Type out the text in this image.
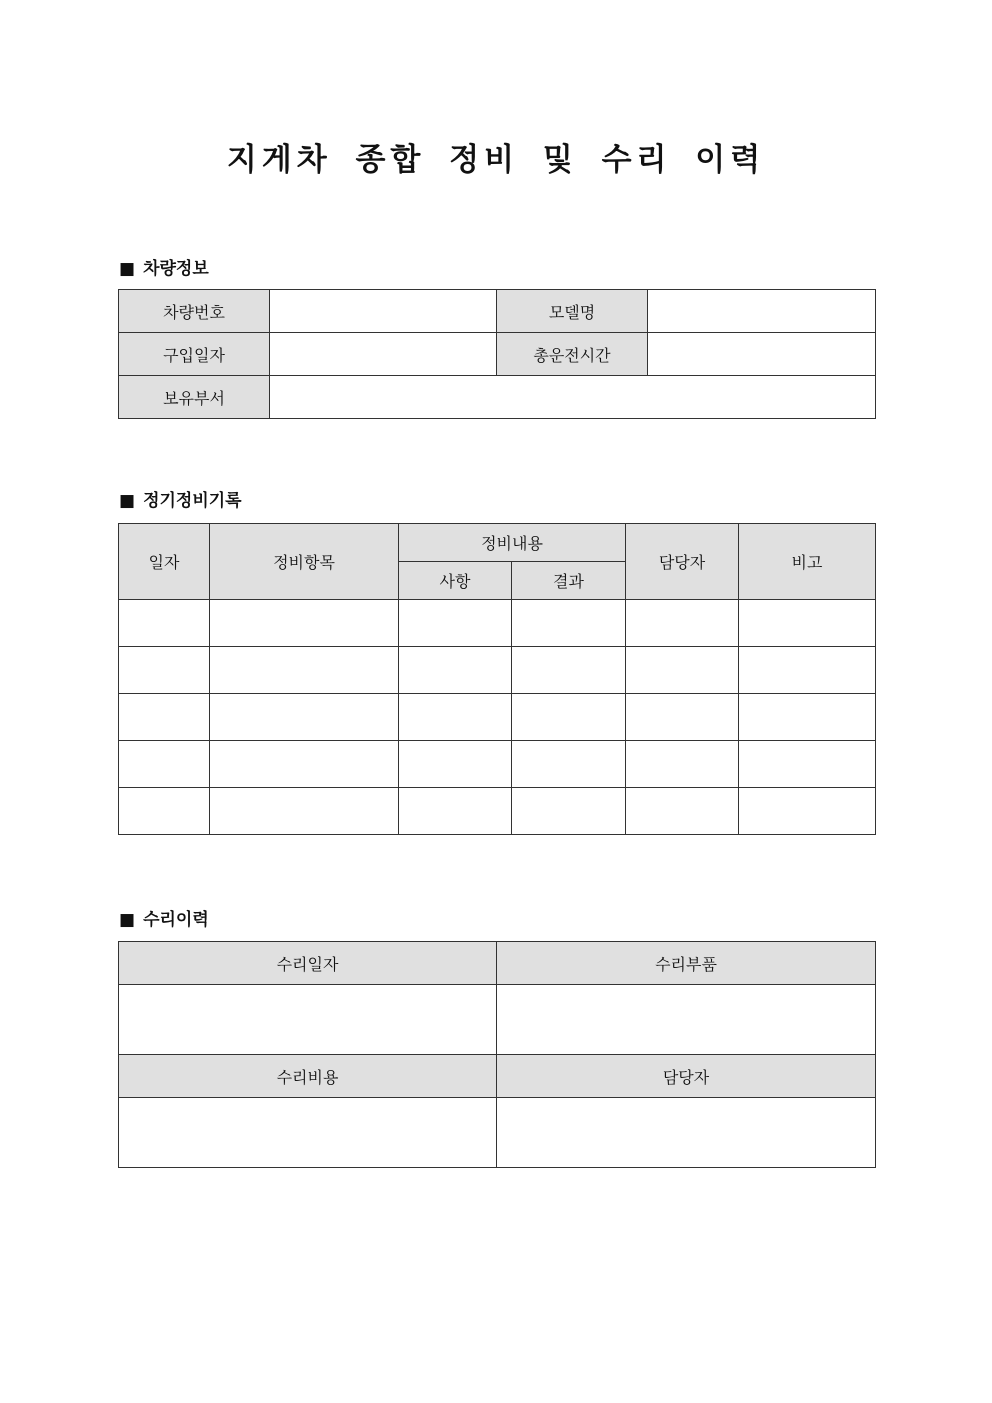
지게차 종합 정비 및 수리 이력
■ 차량정보
차량번호		모델명	
구입일자		총운전시간	
보유부서			
■ 정기정비기록
일자	정비항목	정비내용		담당자	비고
		사항	결과		

■ 수리이력
수리일자	수리부품

수리비용	담당자
